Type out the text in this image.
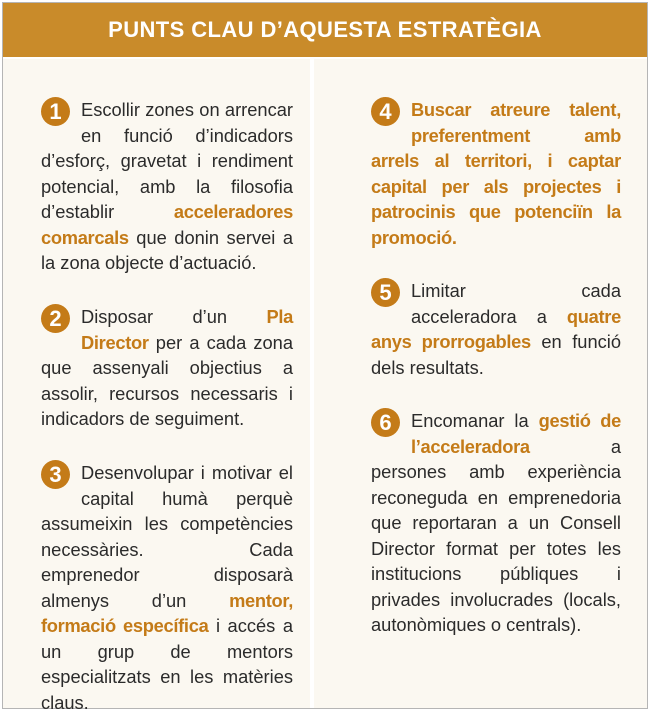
PUNTS CLAU D’AQUESTA ESTRATÈGIA

1	Escollir zones on arrencar en funció d’indicadors d’esforç, gravetat i rendiment potencial, amb la filosofia d’establir acceleradores comarcals que donin servei a la zona objecte d’actuació.

2	Disposar d’un Pla Director per a cada zona que assenyali objectius a assolir, recursos necessaris i indicadors de seguiment.

3	Desenvolupar i motivar el capital humà perquè assumeixin les competències necessàries. Cada emprenedor disposarà almenys d’un mentor, formació específica i accés a un grup de mentors especialitzats en les matèries claus.

4	Buscar atreure talent, preferentment amb arrels al territori, i captar capital per als projectes i patrocinis que potenciïn la promoció.

5	Limitar cada acceleradora a quatre anys prorrogables en funció dels resultats.

6	Encomanar la gestió de l’acceleradora a persones amb experiència reconeguda en emprenedoria que reportaran a un Consell Director format per totes les institucions públiques i privades involucrades (locals, autonòmiques o centrals).
